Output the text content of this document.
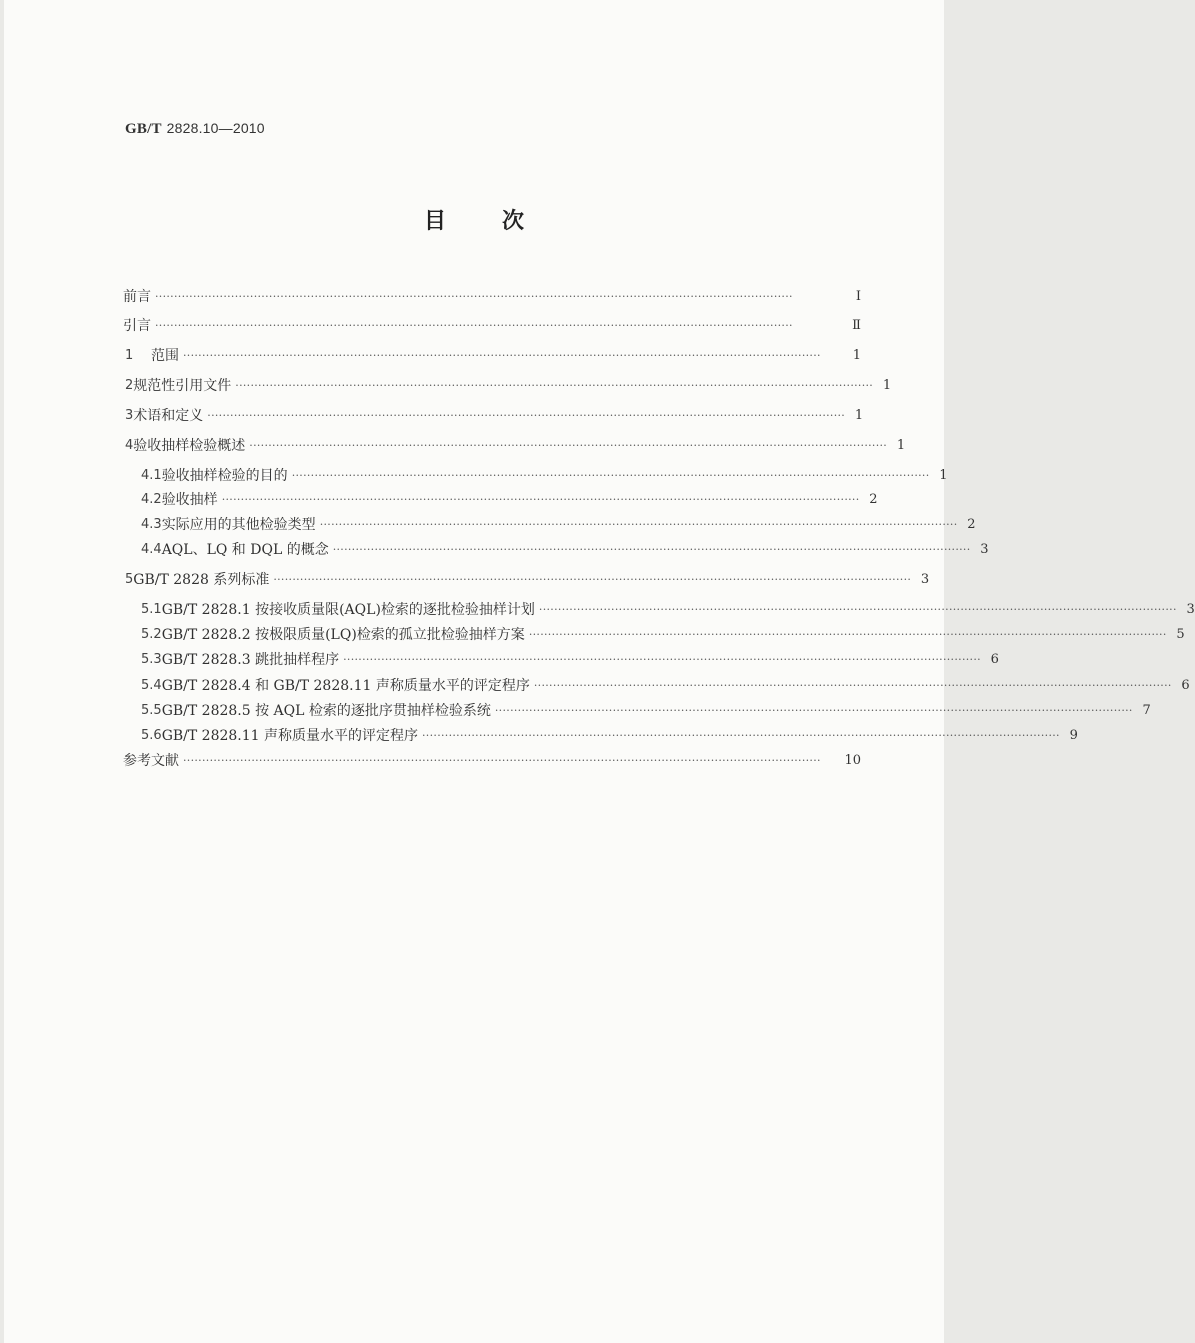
GB/T 2828.10—2010
目次
前言 ········································································································································································	Ⅰ
引言 ········································································································································································	Ⅱ
1	范围 ········································································································································································	1
2 规范性引用文件 ········································································································································································ 1
3 术语和定义 ········································································································································································ 1
4 验收抽样检验概述 ········································································································································································ 1
4.1 验收抽样检验的目的 ········································································································································································ 1
4.2 验收抽样 ········································································································································································ 2
4.3 实际应用的其他检验类型 ········································································································································································ 2
4.4 AQL、LQ 和 DQL 的概念 ········································································································································································ 3
5 GB/T 2828 系列标准 ········································································································································································ 3
5.1 GB/T 2828.1 按接收质量限(AQL)检索的逐批检验抽样计划 ········································································································································································ 3
5.2 GB/T 2828.2 按极限质量(LQ)检索的孤立批检验抽样方案 ········································································································································································ 5
5.3 GB/T 2828.3 跳批抽样程序 ········································································································································································ 6
5.4 GB/T 2828.4 和 GB/T 2828.11 声称质量水平的评定程序 ········································································································································································ 6
5.5 GB/T 2828.5 按 AQL 检索的逐批序贯抽样检验系统 ········································································································································································ 7
5.6 GB/T 2828.11 声称质量水平的评定程序 ········································································································································································ 9
参考文献 ········································································································································································	10
